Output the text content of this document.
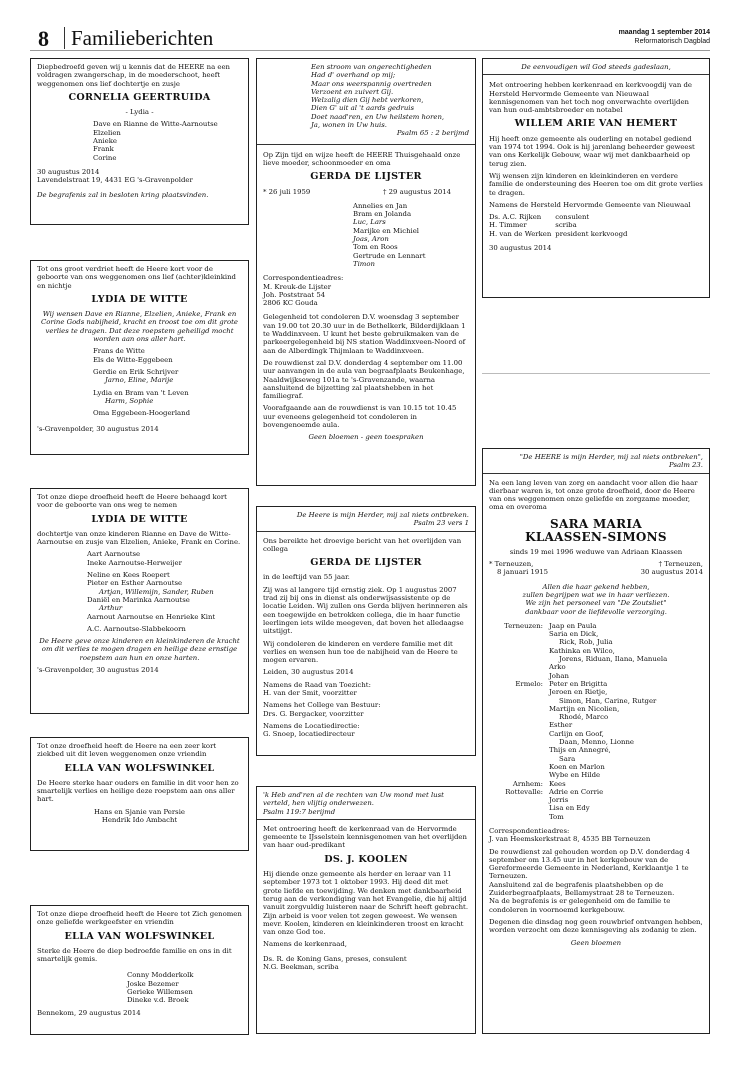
8	Familieberichten	maandag 1 september 2014
Reformatorisch Dagblad

Diepbedroefd geven wij u kennis dat de HEERE na een voldragen zwangerschap, in de moederschoot, heeft weggenomen ons lief dochtertje en zusje

CORNELIA GEERTRUIDA

- Lydia -

Dave en Rianne de Witte-Aarnoutse
Elzelien
Anieke
Frank
Corine
30 augustus 2014
Lavendelstraat 19, 4431 EG 's-Gravenpolder

De begrafenis zal in besloten kring plaatsvinden.

Tot ons groot verdriet heeft de Heere kort voor de geboorte van ons weggenomen ons lief (achter)kleinkind en nichtje

LYDIA DE WITTE

Wij wensen Dave en Rianne, Elzelien, Anieke, Frank en Corine Gods nabijheid, kracht en troost toe om dit grote verlies te dragen. Dat deze roepstem geheiligd mocht worden aan ons aller hart.

Frans de Witte
Els de Witte-Eggebeen
Gerdie en Erik Schrijver
Jarno, Eline, Marije
Lydia en Bram van 't Leven
Harm, Sophie
Oma Eggebeen-Hoogerland
's-Gravenpolder, 30 augustus 2014

Tot onze diepe droefheid heeft de Heere behaagd kort voor de geboorte van ons weg te nemen

LYDIA DE WITTE

dochtertje van onze kinderen Rianne en Dave de Witte-Aarnoutse en zusje van Elzelien, Anieke, Frank en Corine.

Aart Aarnoutse
Ineke Aarnoutse-Herweijer
Neline en Kees Roepert
Pieter en Esther Aarnoutse
Artjan, Willemijn, Sander, Ruben
Daniël en Marinka Aarnoutse
Arthur
Aarnout Aarnoutse en Henrieke Kint
A.C. Aarnoutse-Slabbekoorn

De Heere geve onze kinderen en kleinkinderen de kracht om dit verlies te mogen dragen en heilige deze ernstige roepstem aan hun en onze harten.

's-Gravenpolder, 30 augustus 2014

Tot onze droefheid heeft de Heere na een zeer kort ziekbed uit dit leven weggenomen onze vriendin

ELLA VAN WOLFSWINKEL

De Heere sterke haar ouders en familie in dit voor hen zo smartelijk verlies en heilige deze roepstem aan ons aller hart.

Hans en Sjanie van Persie
Hendrik Ido Ambacht

Tot onze diepe droefheid heeft de Heere tot Zich genomen onze geliefde werkgeefster en vriendin

ELLA VAN WOLFSWINKEL

Sterke de Heere de diep bedroefde familie en ons in dit smartelijk gemis.

Conny Modderkolk
Joske Bezemer
Gerieke Willemsen
Dineke v.d. Broek
Bennekom, 29 augustus 2014
Een stroom van ongerechtigheden
Had d' overhand op mij;
Maar ons weerspannig overtreden
Verzoent en zuivert Gij.
Welzalig dien Gij hebt verkoren,
Dien G' uit al 't aards gedruis
Doet naad'ren, en Uw heilstem horen,
Ja, wonen in Uw huis.
Psalm 65 : 2 berijmd

Op Zijn tijd en wijze heeft de HEERE Thuisgehaald onze lieve moeder, schoonmoeder en oma

GERDA DE LIJSTER
* 26 juli 1959	† 29 augustus 2014
Annelies en Jan
Bram en Jolanda
Luc, Lars
Marijke en Michiel
Joas, Aron
Tom en Roos
Gertrude en Lennart
Timon
Correspondentieadres:
M. Kreuk-de Lijster
Joh. Poststraat 54
2806 KC Gouda

Gelegenheid tot condoleren D.V. woensdag 3 september van 19.00 tot 20.30 uur in de Bethelkerk, Bilderdijklaan 1 te Waddinxveen. U kunt het beste gebruikmaken van de parkeergelegenheid bij NS station Waddinxveen-Noord of aan de Alberdingk Thijmlaan te Waddinxveen.

De rouwdienst zal D.V. donderdag 4 september om 11.00 uur aanvangen in de aula van begraafplaats Beukenhage, Naaldwijkseweg 101a te 's-Gravenzande, waarna aansluitend de bijzetting zal plaatshebben in het familiegraf.

Voorafgaande aan de rouwdienst is van 10.15 tot 10.45 uur eveneens gelegenheid tot condoleren in bovengenoemde aula.

Geen bloemen - geen toespraken

De Heere is mijn Herder, mij zal niets ontbreken.
Psalm 23 vers 1

Ons bereikte het droevige bericht van het overlijden van collega

GERDA DE LIJSTER

in de leeftijd van 55 jaar.

Zij was al langere tijd ernstig ziek. Op 1 augustus 2007 trad zij bij ons in dienst als onderwijsassistente op de locatie Leiden. Wij zullen ons Gerda blijven herinneren als een toegewijde en betrokken collega, die in haar functie leerlingen iets wilde meegeven, dat boven het alledaagse uitstijgt.

Wij condoleren de kinderen en verdere familie met dit verlies en wensen hun toe de nabijheid van de Heere te mogen ervaren.

Leiden, 30 augustus 2014

Namens de Raad van Toezicht:
H. van der Smit, voorzitter
Namens het College van Bestuur:
Drs. G. Bergacker, voorzitter
Namens de Locatiedirectie:
G. Snoep, locatiedirecteur
'k Heb and'ren al de rechten van Uw mond met lust verteld, hen vlijtig onderwezen.
Psalm 119:7 berijmd

Met ontroering heeft de kerkenraad van de Hervormde gemeente te IJsselstein kennisgenomen van het overlijden van haar oud-predikant

DS. J. KOOLEN

Hij diende onze gemeente als herder en leraar van 11 september 1973 tot 1 oktober 1993. Hij deed dit met grote liefde en toewijding. We denken met dankbaarheid terug aan de verkondiging van het Evangelie, die hij altijd vanuit zorgvuldig luisteren naar de Schrift heeft gebracht. Zijn arbeid is voor velen tot zegen geweest. We wensen mevr. Koolen, kinderen en kleinkinderen troost en kracht van onze God toe.

Namens de kerkenraad,
Ds. R. de Koning Gans, preses, consulent
N.G. Beekman, scriba
De eenvoudigen wil God steeds gadeslaan,

Met ontroering hebben kerkenraad en kerkvoogdij van de Hersteld Hervormde Gemeente van Nieuwaal kennisgenomen van het toch nog onverwachte overlijden van hun oud-ambtsbroeder en notabel

WILLEM ARIE VAN HEMERT

Hij heeft onze gemeente als ouderling en notabel gediend van 1974 tot 1994. Ook is hij jarenlang beheerder geweest van ons Kerkelijk Gebouw, waar wij met dankbaarheid op terug zien.

Wij wensen zijn kinderen en kleinkinderen en verdere familie de ondersteuning des Heeren toe om dit grote verlies te dragen.

Namens de Hersteld Hervormde Gemeente van Nieuwaal

Ds. A.C. Rijken	consulent
H. Timmer	scriba
H. van de Werken	president kerkvoogd
30 augustus 2014
"De HEERE is mijn Herder, mij zal niets ontbreken",
Psalm 23.

Na een lang leven van zorg en aandacht voor allen die haar dierbaar waren is, tot onze grote droefheid, door de Heere van ons weggenomen onze geliefde en zorgzame moeder, oma en overoma

SARA MARIA
KLAASSEN-SIMONS

sinds 19 mei 1996 weduwe van Adriaan Klaassen

* Terneuzen,
8 januari 1915
† Terneuzen,
30 augustus 2014
Allen die haar gekend hebben,
zullen begrijpen wat we in haar verliezen.
We zijn het personeel van "De Zoutsliet"
dankbaar voor de liefdevolle verzorging.
Terneuzen:	Jaap en Paula
	Saria en Dick,
	Rick, Rob, Julia
	Kathinka en Wilco,
	Jorens, Riduan, Ilana, Manuela
	Arko
	Johan
Ermelo:	Peter en Brigitta
	Jeroen en Rietje,
	Simon, Han, Carine, Rutger
	Martijn en Nicolien,
	Rhodé, Marco
	Esther
	Carlijn en Goof,
	Daan, Menno, Lionne
	Thijs en Annegré,
	Sara
	Koen en Marlon
	Wybe en Hilde
Arnhem:	Kees
Rottevalle:	Adrie en Corrie
	Jorris
	Lisa en Edy
	Tom
Correspondentieadres:

J. van Heemskerkstraat 8, 4535 BB Terneuzen

De rouwdienst zal gehouden worden op D.V. donderdag 4 september om 13.45 uur in het kerkgebouw van de Gereformeerde Gemeente in Nederland, Kerklaantje 1 te Terneuzen.

Aansluitend zal de begrafenis plaatshebben op de Zuiderbegraafplaats, Bellamystraat 28 te Terneuzen.

Na de begrafenis is er gelegenheid om de familie te condoleren in voornoemd kerkgebouw.

Degenen die dinsdag nog geen rouwbrief ontvangen hebben, worden verzocht om deze kennisgeving als zodanig te zien.

Geen bloemen
